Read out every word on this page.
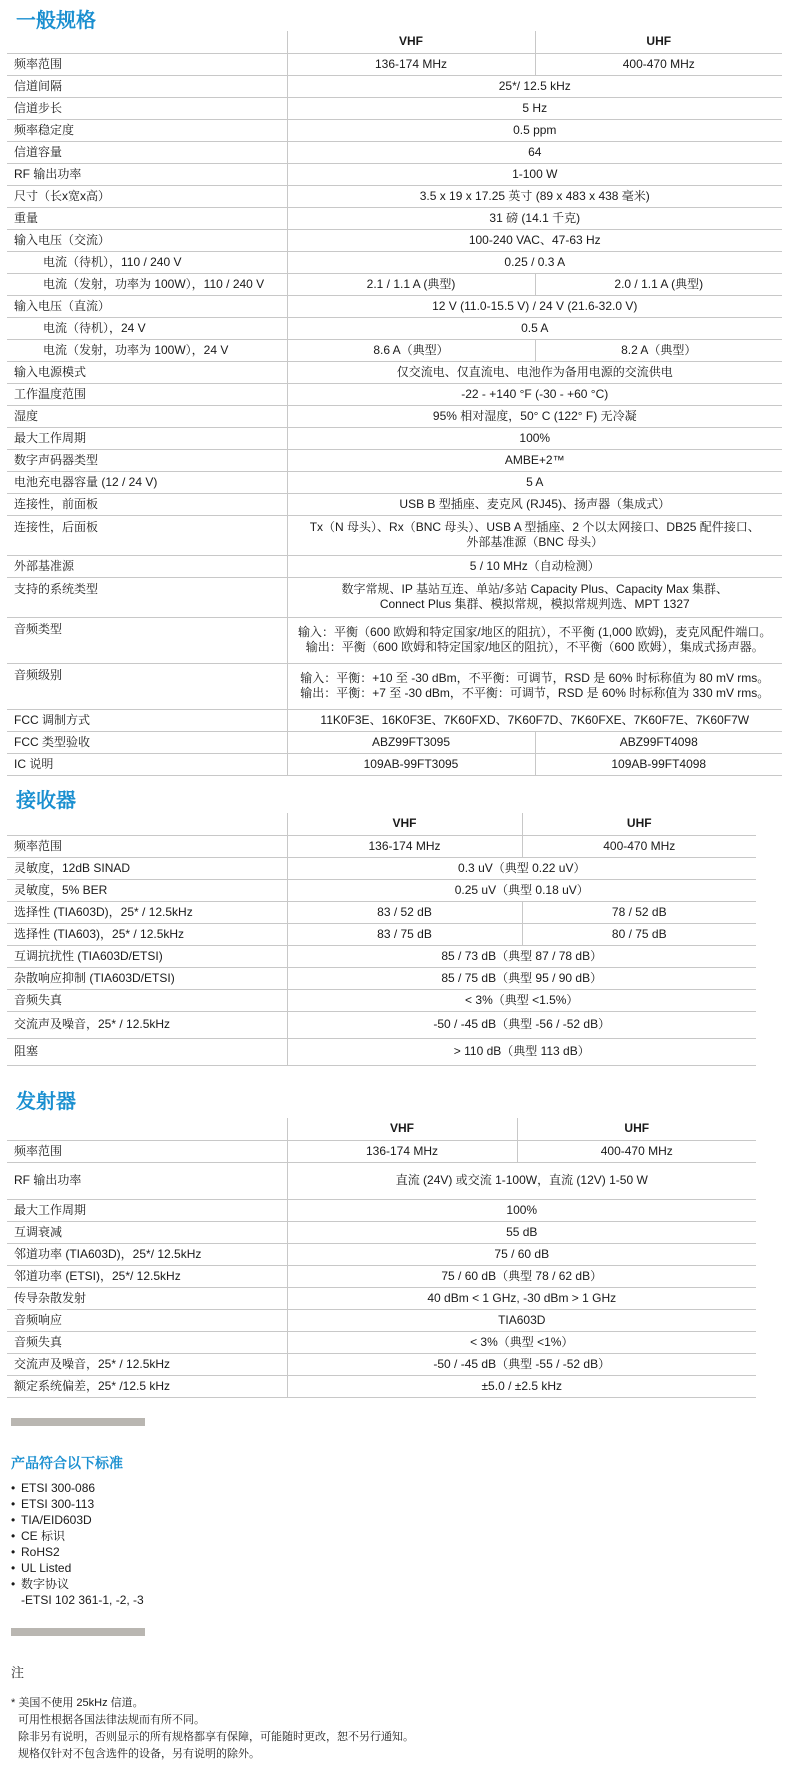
一般规格
	VHF	UHF
频率范围	136-174 MHz	400-470 MHz
信道间隔	25*/ 12.5 kHz	
信道步长	5 Hz	
频率稳定度	0.5 ppm	
信道容量	64	
RF 输出功率	1-100 W	
尺寸（长x宽x高）	3.5 x 19 x 17.25 英寸 (89 x 483 x 438 毫米)	
重量	31 磅 (14.1 千克)	
输入电压（交流）	100-240 VAC、47-63 Hz	
电流（待机），110 / 240 V	0.25 / 0.3 A	
电流（发射，功率为 100W），110 / 240 V	2.1 / 1.1 A (典型)	2.0 / 1.1 A (典型)
输入电压（直流）	12 V (11.0-15.5 V) / 24 V (21.6-32.0 V)	
电流（待机），24 V	0.5 A	
电流（发射，功率为 100W），24 V	8.6 A（典型）	8.2 A（典型）
输入电源模式	仅交流电、仅直流电、电池作为备用电源的交流供电	
工作温度范围	-22 - +140 °F (-30 - +60 °C)	
湿度	95% 相对湿度，50° C (122° F) 无冷凝	
最大工作周期	100%	
数字声码器类型	AMBE+2™	
电池充电器容量 (12 / 24 V)	5 A	
连接性，前面板	USB B 型插座、麦克风 (RJ45)、扬声器（集成式）	
连接性，后面板	Tx（N 母头）、Rx（BNC 母头）、USB A 型插座、2 个以太网接口、DB25 配件接口、
外部基准源（BNC 母头）	
外部基准源	5 / 10 MHz（自动检测）	
支持的系统类型	数字常规、IP 基站互连、单站/多站 Capacity Plus、Capacity Max 集群、
Connect Plus 集群、模拟常规，模拟常规判选、MPT 1327	
音频类型	输入：平衡（600 欧姆和特定国家/地区的阻抗），不平衡 (1,000 欧姆)，麦克风配件端口。
输出：平衡（600 欧姆和特定国家/地区的阻抗），不平衡（600 欧姆），集成式扬声器。	
音频级别	输入：平衡：+10 至 -30 dBm，不平衡：可调节，RSD 是 60% 时标称值为 80 mV rms。
输出：平衡：+7 至 -30 dBm，不平衡：可调节，RSD 是 60% 时标称值为 330 mV rms。	
FCC 调制方式	11K0F3E、16K0F3E、7K60FXD、7K60F7D、7K60FXE、7K60F7E、7K60F7W	
FCC 类型验收	ABZ99FT3095	ABZ99FT4098
IC 说明	109AB-99FT3095	109AB-99FT4098
接收器
	VHF	UHF
频率范围	136-174 MHz	400-470 MHz
灵敏度，12dB SINAD	0.3 uV（典型 0.22 uV）	
灵敏度，5% BER	0.25 uV（典型 0.18 uV）	
选择性 (TIA603D)，25* / 12.5kHz	83 / 52 dB	78 / 52 dB
选择性 (TIA603)，25* / 12.5kHz	83 / 75 dB	80 / 75 dB
互调抗扰性 (TIA603D/ETSI)	85 / 73 dB（典型 87 / 78 dB）	
杂散响应抑制 (TIA603D/ETSI)	85 / 75 dB（典型 95 / 90 dB）	
音频失真	< 3%（典型 <1.5%）	
交流声及噪音，25* / 12.5kHz	-50 / -45 dB（典型 -56 / -52 dB）	
阻塞	> 110 dB（典型 113 dB）	
发射器
	VHF	UHF
频率范围	136-174 MHz	400-470 MHz
RF 输出功率	直流 (24V) 或交流 1-100W，直流 (12V) 1-50 W	
最大工作周期	100%	
互调衰减	55 dB	
邻道功率 (TIA603D)，25*/ 12.5kHz	75 / 60 dB	
邻道功率 (ETSI)，25*/ 12.5kHz	75 / 60 dB（典型 78 / 62 dB）	
传导杂散发射	40 dBm < 1 GHz, -30 dBm > 1 GHz	
音频响应	TIA603D	
音频失真	< 3%（典型 <1%）	
交流声及噪音，25* / 12.5kHz	-50 / -45 dB（典型 -55 / -52 dB）	
额定系统偏差，25* /12.5 kHz	±5.0 / ±2.5 kHz	
产品符合以下标准
• ETSI 300-086
• ETSI 300-113
• TIA/EID603D
• CE 标识
• RoHS2
• UL Listed
• 数字协议
-ETSI 102 361-1, -2, -3
注
* 美国不使用 25kHz 信道。
可用性根据各国法律法规而有所不同。
除非另有说明，否则显示的所有规格都享有保障，可能随时更改，恕不另行通知。
规格仅针对不包含选件的设备，另有说明的除外。
